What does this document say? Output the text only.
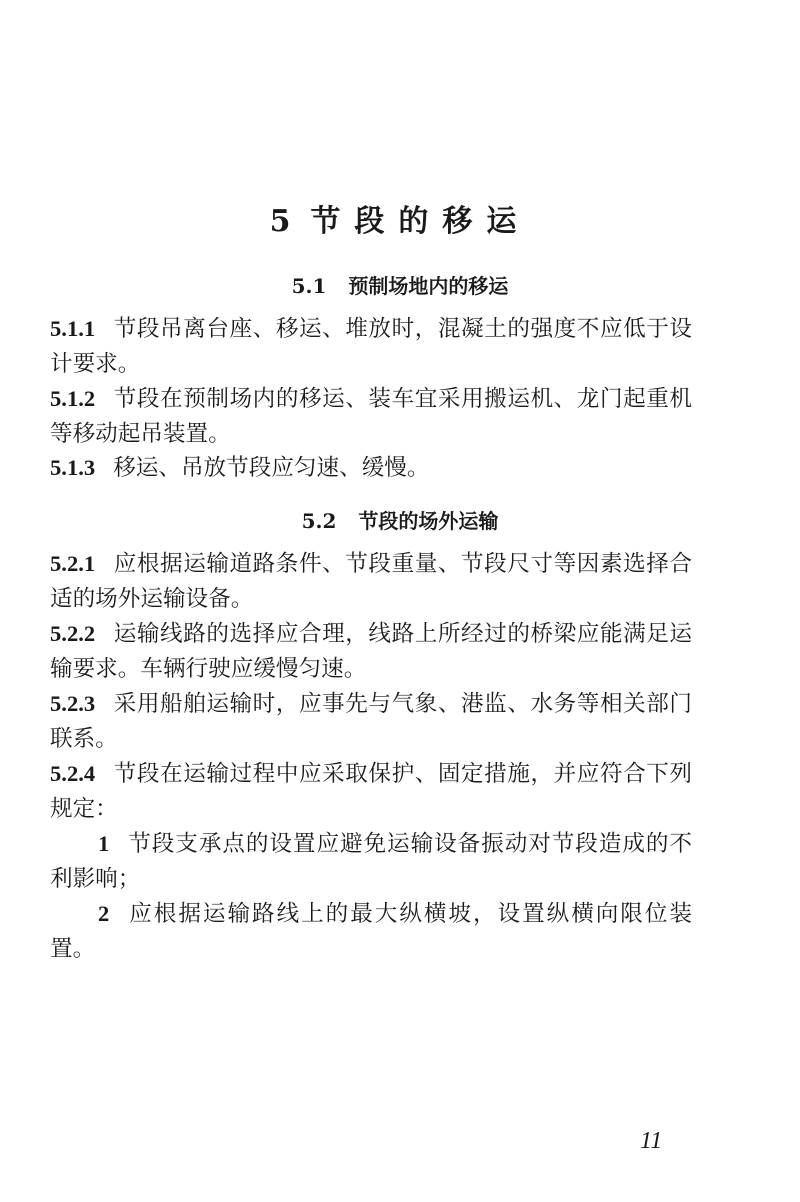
5 节段的移运
5.1 预制场地内的移运
5.1.1 节段吊离台座、移运、堆放时，混凝土的强度不应低于设计要求。
5.1.2 节段在预制场内的移运、装车宜采用搬运机、龙门起重机等移动起吊装置。
5.1.3 移运、吊放节段应匀速、缓慢。
5.2 节段的场外运输
5.2.1 应根据运输道路条件、节段重量、节段尺寸等因素选择合适的场外运输设备。
5.2.2 运输线路的选择应合理，线路上所经过的桥梁应能满足运输要求。车辆行驶应缓慢匀速。
5.2.3 采用船舶运输时，应事先与气象、港监、水务等相关部门联系。
5.2.4 节段在运输过程中应采取保护、固定措施，并应符合下列规定：
1 节段支承点的设置应避免运输设备振动对节段造成的不利影响；
2 应根据运输路线上的最大纵横坡，设置纵横向限位装置。
11
